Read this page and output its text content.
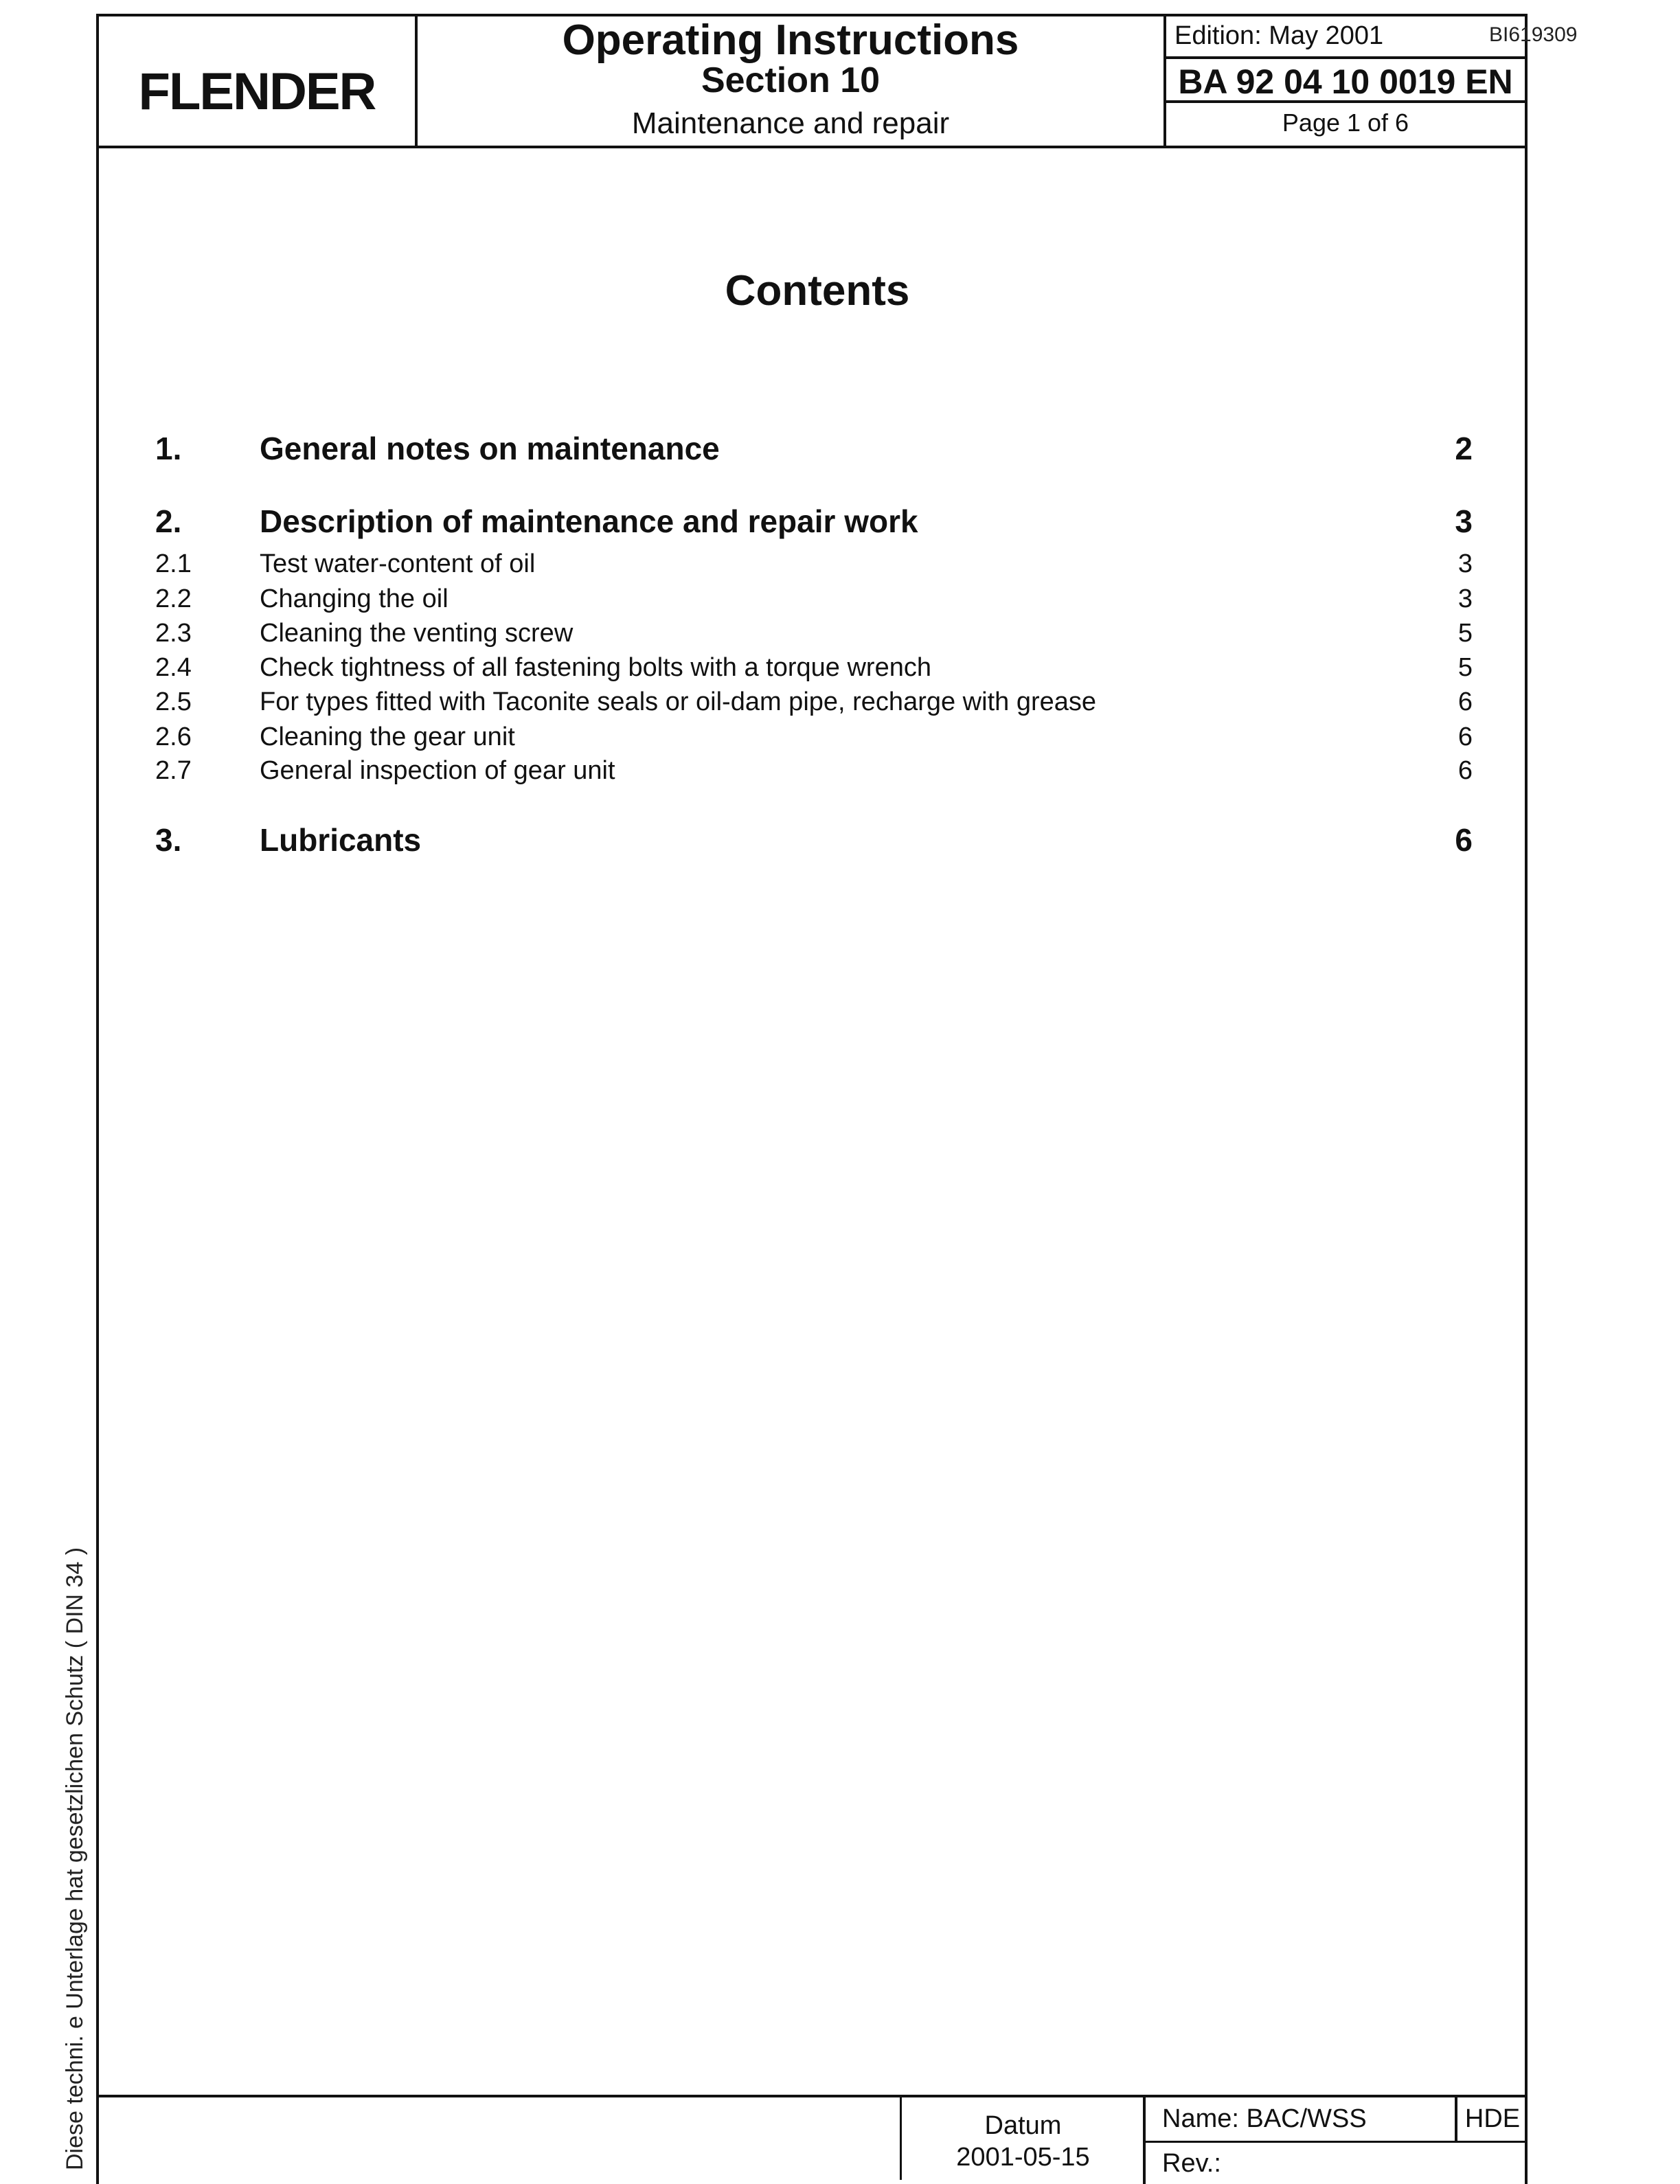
FLENDER
Operating Instructions
Section 10
Maintenance and repair
Edition: May 2001
BA 92 04 10 0019 EN
Page 1 of 6
BI619309
Contents
1. General notes on maintenance	2
2. Description of maintenance and repair work	3
2.1	Test water-content of oil	3
2.2	Changing the oil	3
2.3	Cleaning the venting screw	5
2.4	Check tightness of all fastening bolts with a torque wrench	5
2.5	For types fitted with Taconite seals or oil-dam pipe, recharge with grease	6
2.6	Cleaning the gear unit	6
2.7	General inspection of gear unit	6
3. Lubricants	6
Diese techni. e Unterlage hat gesetzlichen Schutz ( DIN 34 )	Datum
2001-05-15
Name: BAC/WSS	HDE
Rev.:
